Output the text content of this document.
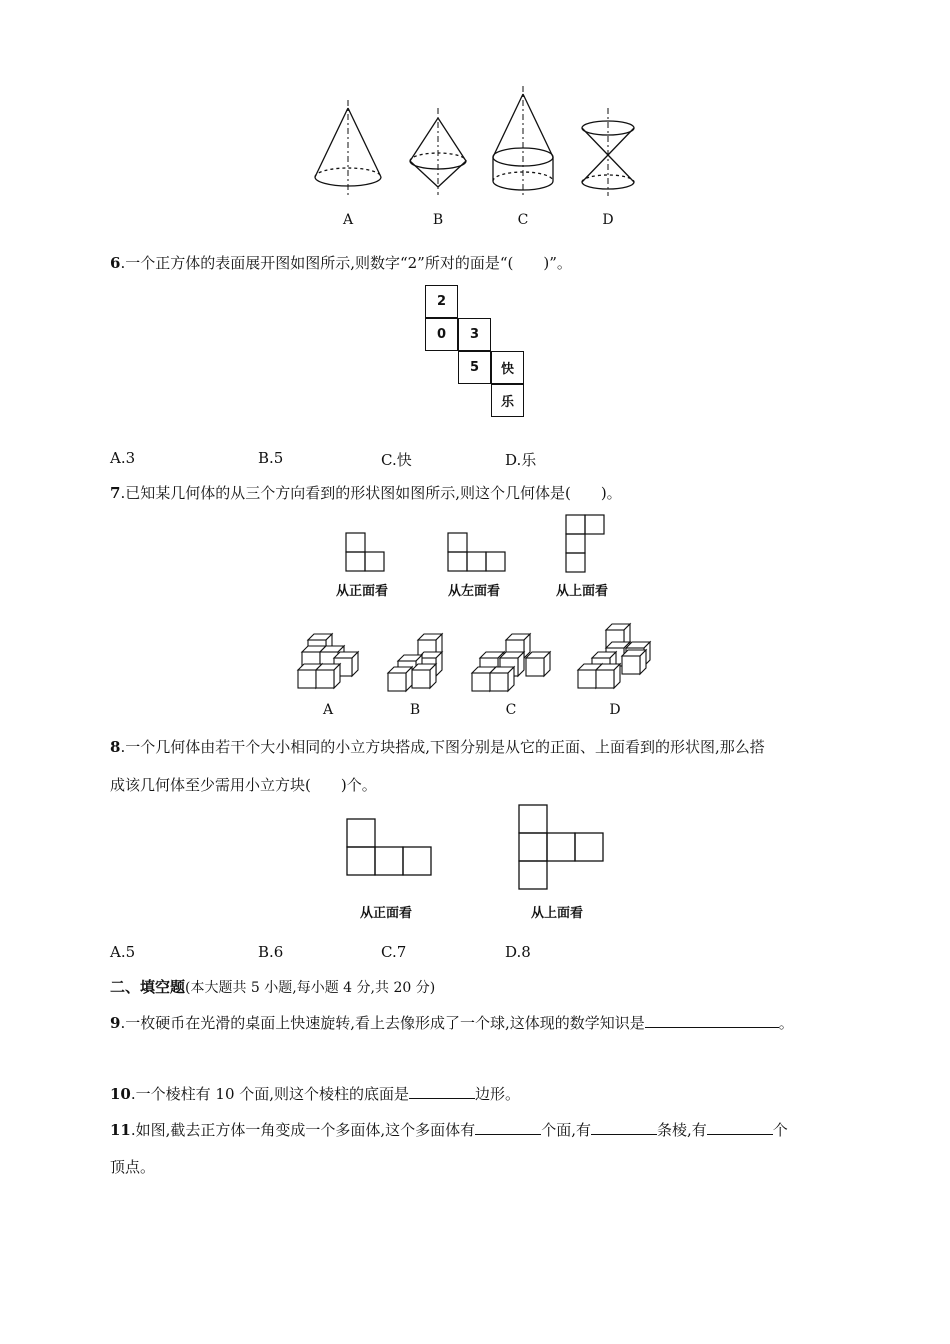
A	B	C	D
6.一个正方体的表面展开图如图所示,则数字“2”所对的面是“(　　)”。
2
0	3
5	快
乐
A.3	B.5	C.快	D.乐
7.已知某几何体的从三个方向看到的形状图如图所示,则这个几何体是(　　)。
从正面看	从左面看	从上面看
A	B	C	D
8.一个几何体由若干个大小相同的小立方块搭成,下图分别是从它的正面、上面看到的形状图,那么搭
成该几何体至少需用小立方块(　　)个。
从正面看	从上面看
A.5	B.6	C.7	D.8
二、填空题(本大题共 5 小题,每小题 4 分,共 20 分)
9.一枚硬币在光滑的桌面上快速旋转,看上去像形成了一个球,这体现的数学知识是	。
10.一个棱柱有 10 个面,则这个棱柱的底面是	边形。
11.如图,截去正方体一角变成一个多面体,这个多面体有	个面,有	条棱,有	个
顶点。
